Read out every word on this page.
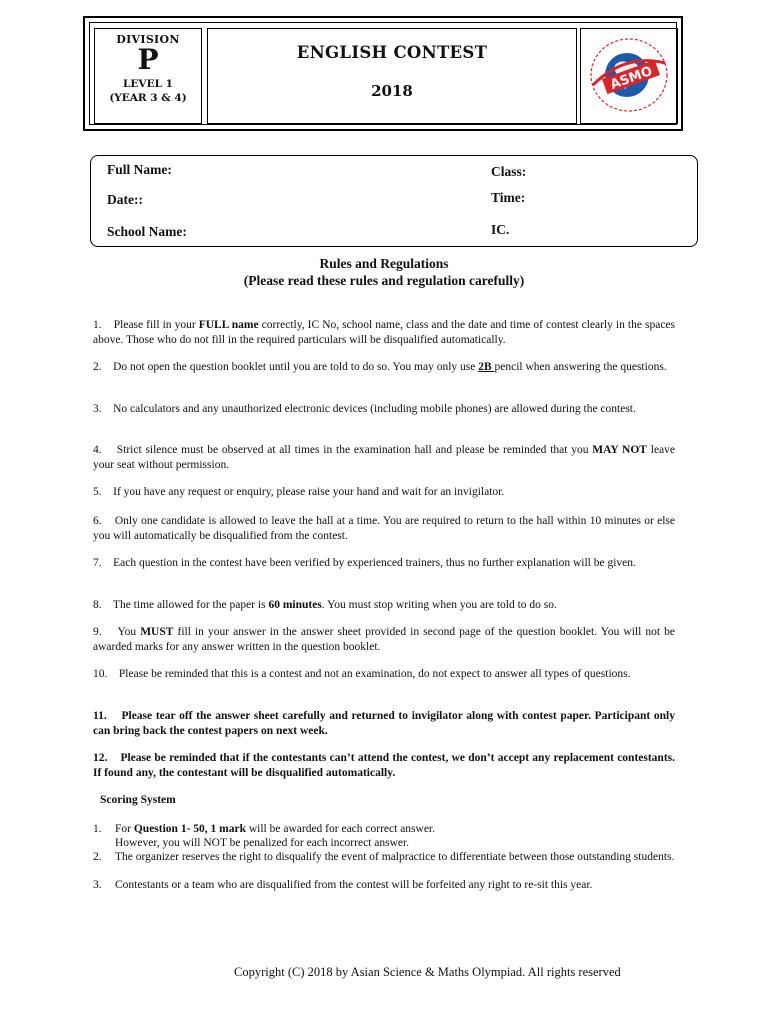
DIVISION
P
LEVEL 1
(YEAR 3 & 4)
ENGLISH CONTEST
2018	ASMO
Full Name:	Class:
Date::	Time:
School Name:	IC.
Rules and Regulations
(Please read these rules and regulation carefully)
1.    Please fill in your FULL name correctly, IC No, school name, class and the date and time of contest clearly in the spaces above. Those who do not fill in the required particulars will be disqualified automatically.
2.    Do not open the question booklet until you are told to do so. You may only use 2B pencil when answering the questions.
3.    No calculators and any unauthorized electronic devices (including mobile phones) are allowed during the contest.
4.    Strict silence must be observed at all times in the examination hall and please be reminded that you MAY NOT leave your seat without permission.
5.    If you have any request or enquiry, please raise your hand and wait for an invigilator.
6.    Only one candidate is allowed to leave the hall at a time. You are required to return to the hall within 10 minutes or else you will automatically be disqualified from the contest.
7.    Each question in the contest have been verified by experienced trainers, thus no further explanation will be given.
8.    The time allowed for the paper is 60 minutes. You must stop writing when you are told to do so.
9.    You MUST fill in your answer in the answer sheet provided in second page of the question booklet. You will not be awarded marks for any answer written in the question booklet.
10.    Please be reminded that this is a contest and not an examination, do not expect to answer all types of questions.
11.    Please tear off the answer sheet carefully and returned to invigilator along with contest paper. Participant only can bring back the contest papers on next week.
12.    Please be reminded that if the contestants can’t attend the contest, we don’t accept any replacement contestants. If found any, the contestant will be disqualified automatically.
Scoring System
1. For Question 1- 50, 1 mark will be awarded for each correct answer.
However, you will NOT be penalized for each incorrect answer.
2. The organizer reserves the right to disqualify the event of malpractice to differentiate between those outstanding students.
3. Contestants or a team who are disqualified from the contest will be forfeited any right to re-sit this year.
Copyright (C) 2018 by Asian Science & Maths Olympiad. All rights reserved
